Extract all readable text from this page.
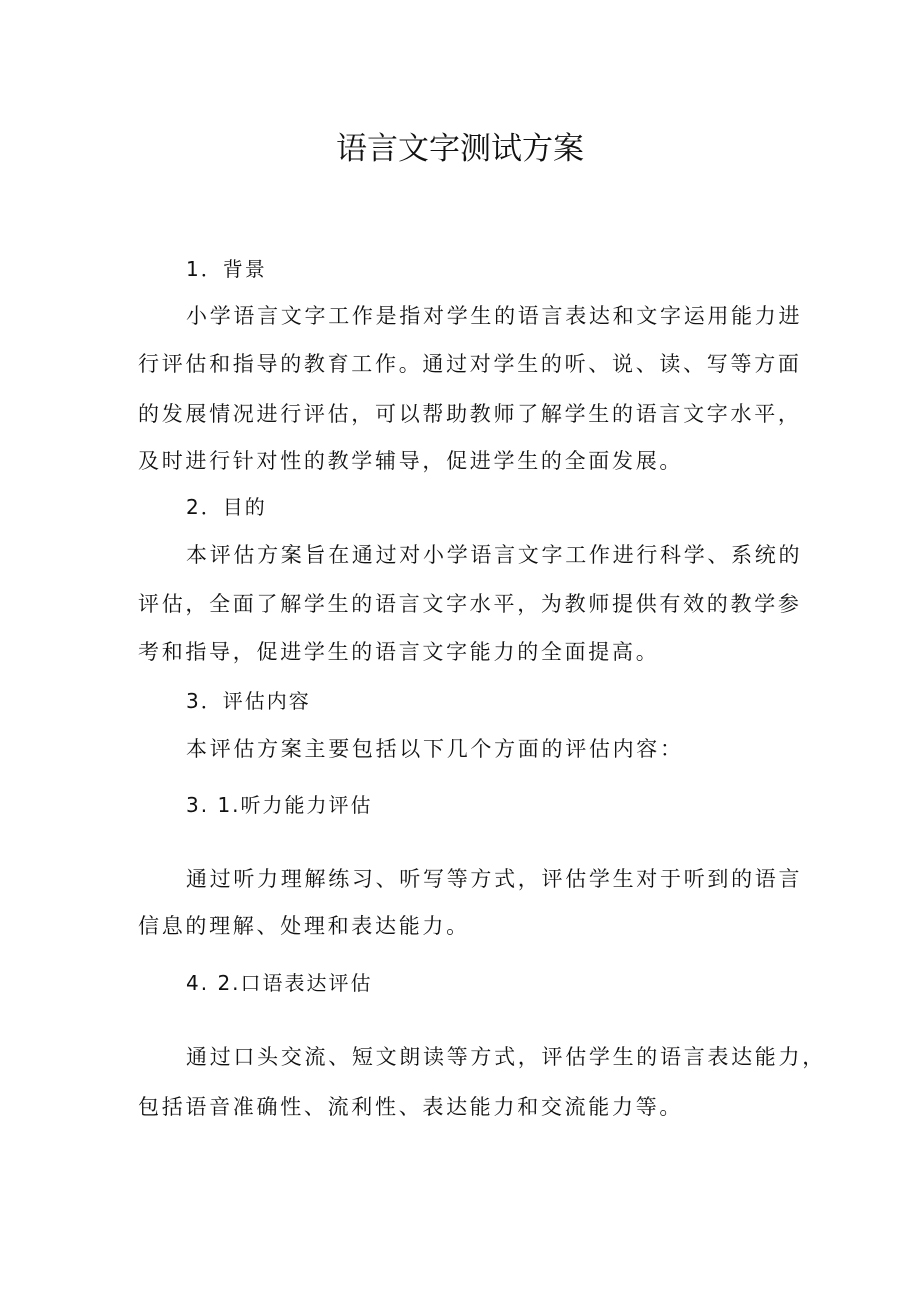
语言文字测试方案
1．背景
小学语言文字工作是指对学生的语言表达和文字运用能力进
行评估和指导的教育工作。通过对学生的听、说、读、写等方面
的发展情况进行评估，可以帮助教师了解学生的语言文字水平，
及时进行针对性的教学辅导，促进学生的全面发展。
2．目的
本评估方案旨在通过对小学语言文字工作进行科学、系统的
评估，全面了解学生的语言文字水平，为教师提供有效的教学参
考和指导，促进学生的语言文字能力的全面提高。
3．评估内容
本评估方案主要包括以下几个方面的评估内容：
3. 1.听力能力评估
通过听力理解练习、听写等方式，评估学生对于听到的语言
信息的理解、处理和表达能力。
4. 2.口语表达评估
通过口头交流、短文朗读等方式，评估学生的语言表达能力，
包括语音准确性、流利性、表达能力和交流能力等。
